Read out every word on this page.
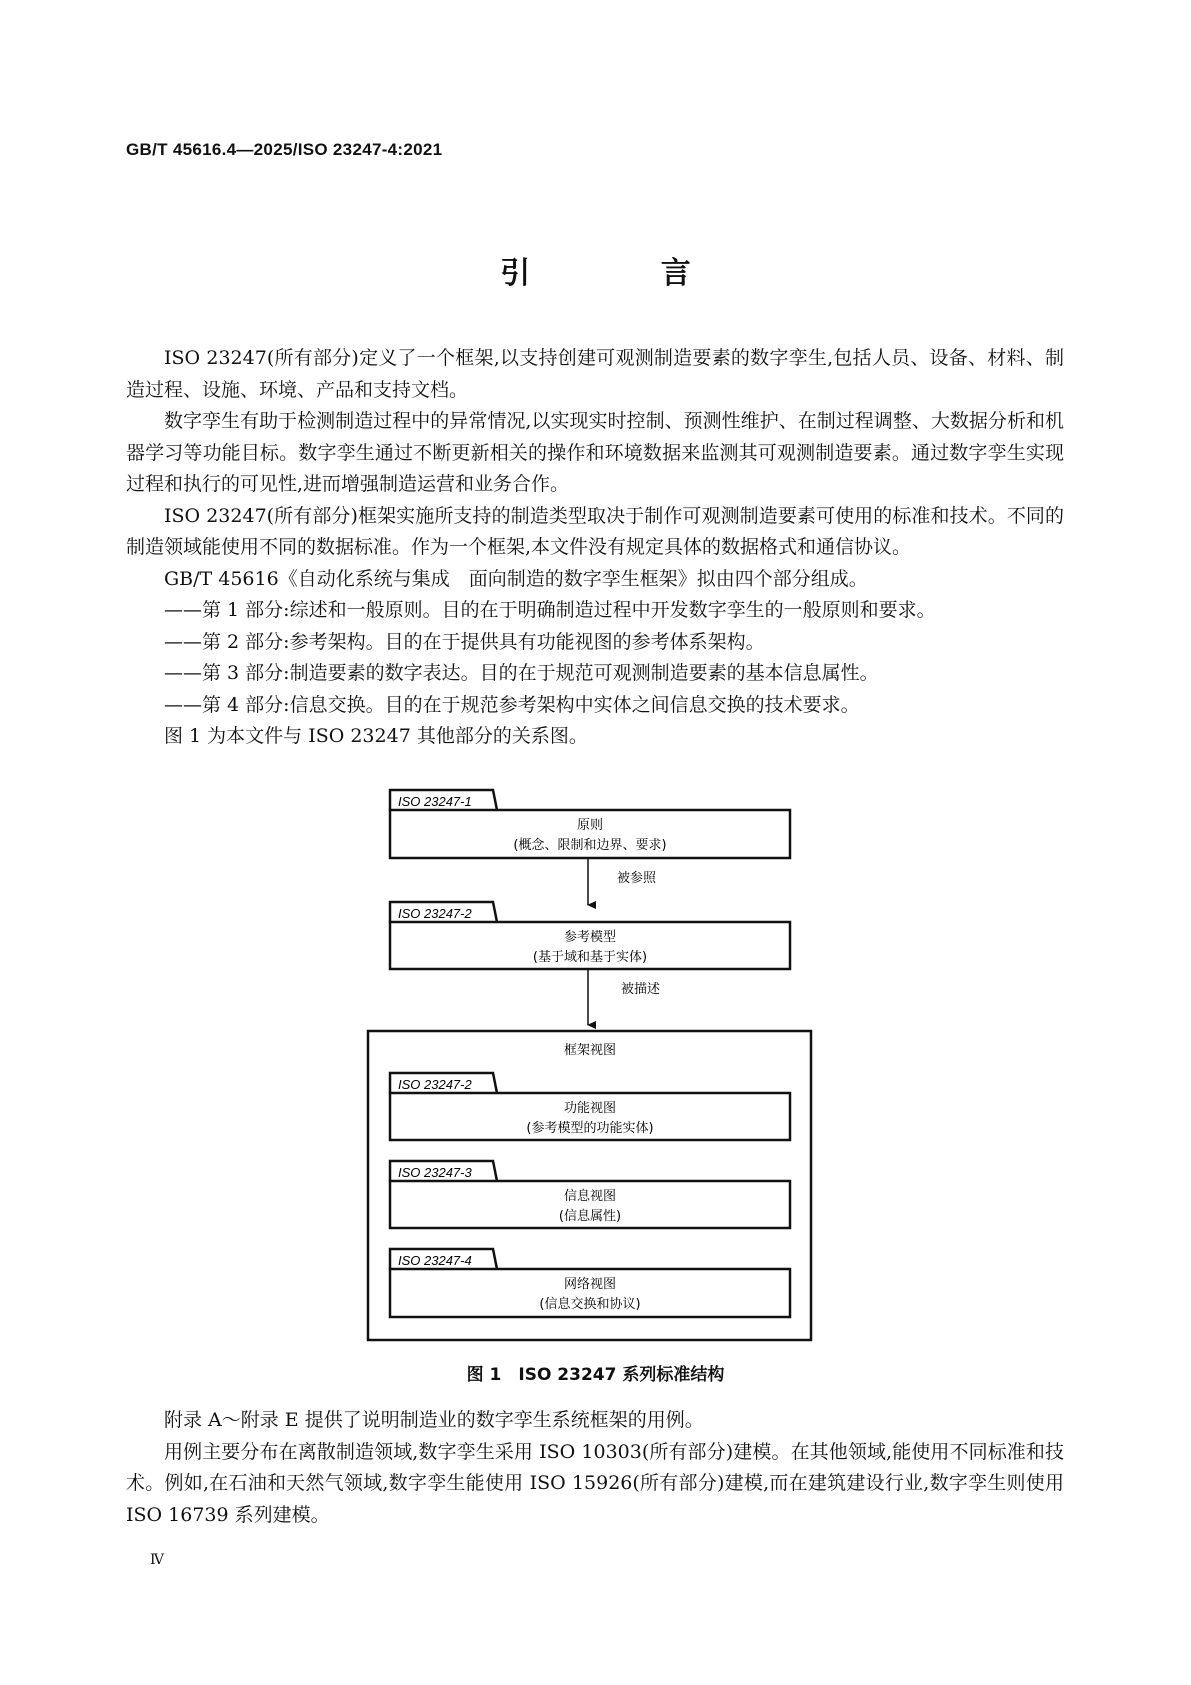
GB/T 45616.4—2025/ISO 23247-4:2021
引 言

ISO 23247(所有部分)定义了一个框架,以支持创建可观测制造要素的数字孪生,包括人员、设备、材料、制造过程、设施、环境、产品和支持文档。

数字孪生有助于检测制造过程中的异常情况,以实现实时控制、预测性维护、在制过程调整、大数据分析和机器学习等功能目标。数字孪生通过不断更新相关的操作和环境数据来监测其可观测制造要素。通过数字孪生实现过程和执行的可见性,进而增强制造运营和业务合作。

ISO 23247(所有部分)框架实施所支持的制造类型取决于制作可观测制造要素可使用的标准和技术。不同的制造领域能使用不同的数据标准。作为一个框架,本文件没有规定具体的数据格式和通信协议。

GB/T 45616《自动化系统与集成　面向制造的数字孪生框架》拟由四个部分组成。

——第 1 部分:综述和一般原则。目的在于明确制造过程中开发数字孪生的一般原则和要求。

——第 2 部分:参考架构。目的在于提供具有功能视图的参考体系架构。

——第 3 部分:制造要素的数字表达。目的在于规范可观测制造要素的基本信息属性。

——第 4 部分:信息交换。目的在于规范参考架构中实体之间信息交换的技术要求。

图 1 为本文件与 ISO 23247 其他部分的关系图。

ISO 23247-1
原则
(概念、限制和边界、要求)
被参照
ISO 23247-2
参考模型
(基于域和基于实体)
被描述
框架视图
ISO 23247-2
功能视图
(参考模型的功能实体)
ISO 23247-3
信息视图
(信息属性)
ISO 23247-4
网络视图
(信息交换和协议)
图 1　ISO 23247 系列标准结构

附录 A～附录 E 提供了说明制造业的数字孪生系统框架的用例。

用例主要分布在离散制造领域,数字孪生采用 ISO 10303(所有部分)建模。在其他领域,能使用不同标准和技术。例如,在石油和天然气领域,数字孪生能使用 ISO 15926(所有部分)建模,而在建筑建设行业,数字孪生则使用 ISO 16739 系列建模。

Ⅳ
